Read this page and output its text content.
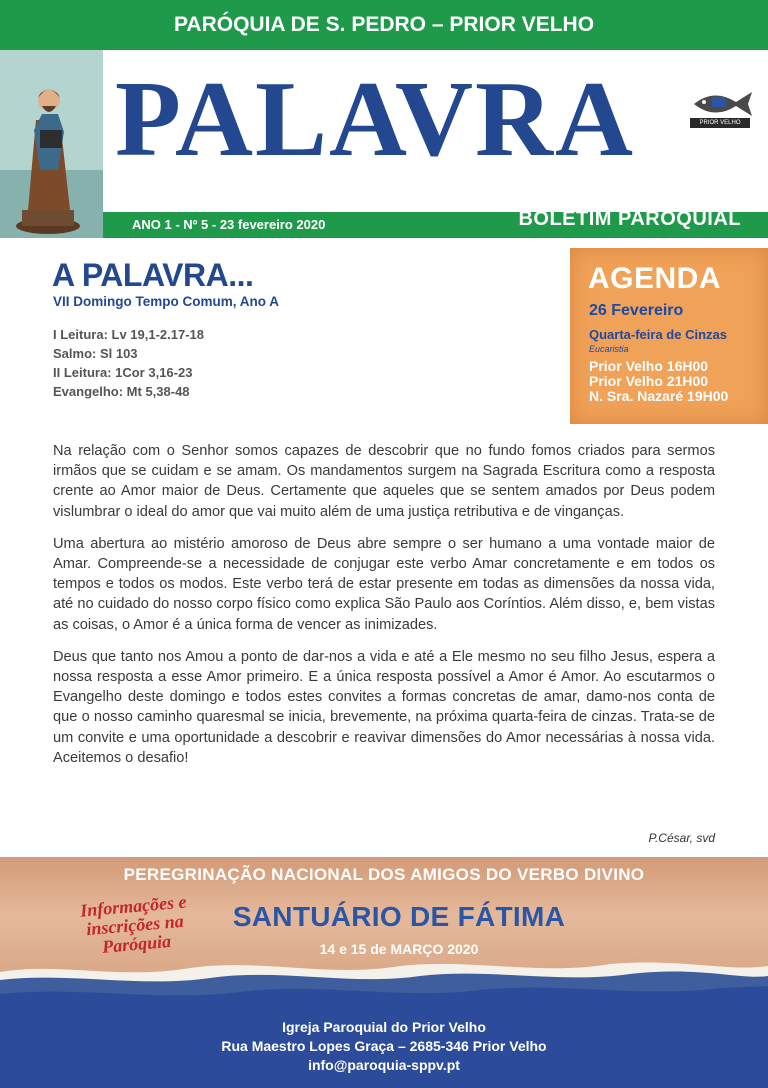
PARÓQUIA DE S. PEDRO – PRIOR VELHO
PALAVRA	PRIOR VELHO
ANO 1 - Nº 5 - 23 fevereiro 2020	BOLETIM PAROQUIAL
A PALAVRA...
VII Domingo Tempo Comum, Ano A
I Leitura: Lv 19,1-2.17-18
Salmo: Sl 103
II Leitura: 1Cor 3,16-23
Evangelho: Mt 5,38-48
AGENDA
26 Fevereiro
Quarta-feira de Cinzas
Eucaristia
Prior Velho 16H00
Prior Velho 21H00
N. Sra. Nazaré 19H00

Na relação com o Senhor somos capazes de descobrir que no fundo fomos criados para sermos irmãos que se cuidam e se amam. Os mandamentos surgem na Sagrada Escritura como a resposta crente ao Amor maior de Deus. Certamente que aqueles que se sentem amados por Deus podem vislumbrar o ideal do amor que vai muito além de uma justiça retributiva e de vinganças.

Uma abertura ao mistério amoroso de Deus abre sempre o ser humano a uma vontade maior de Amar. Compreende-se a necessidade de conjugar este verbo Amar concretamente e em todos os tempos e todos os modos. Este verbo terá de estar presente em todas as dimensões da nossa vida, até no cuidado do nosso corpo físico como explica São Paulo aos Coríntios. Além disso, e, bem vistas as coisas, o Amor é a única forma de vencer as inimizades.

Deus que tanto nos Amou a ponto de dar-nos a vida e até a Ele mesmo no seu filho Jesus, espera a nossa resposta a esse Amor primeiro. E a única resposta possível a Amor é Amor. Ao escutarmos o Evangelho deste domingo e todos estes convites a formas concretas de amar, damo-nos conta de que o nosso caminho quaresmal se inicia, brevemente, na próxima quarta-feira de cinzas. Trata-se de um convite e uma oportunidade a descobrir e reavivar dimensões do Amor necessárias à nossa vida. Aceitemos o desafio!

P.César, svd
PEREGRINAÇÃO NACIONAL DOS AMIGOS DO VERBO DIVINO
Informações e inscrições na Paróquia
SANTUÁRIO DE FÁTIMA
14 e 15 de MARÇO 2020
Igreja Paroquial do Prior Velho
Rua Maestro Lopes Graça – 2685-346 Prior Velho
info@paroquia-sppv.pt
